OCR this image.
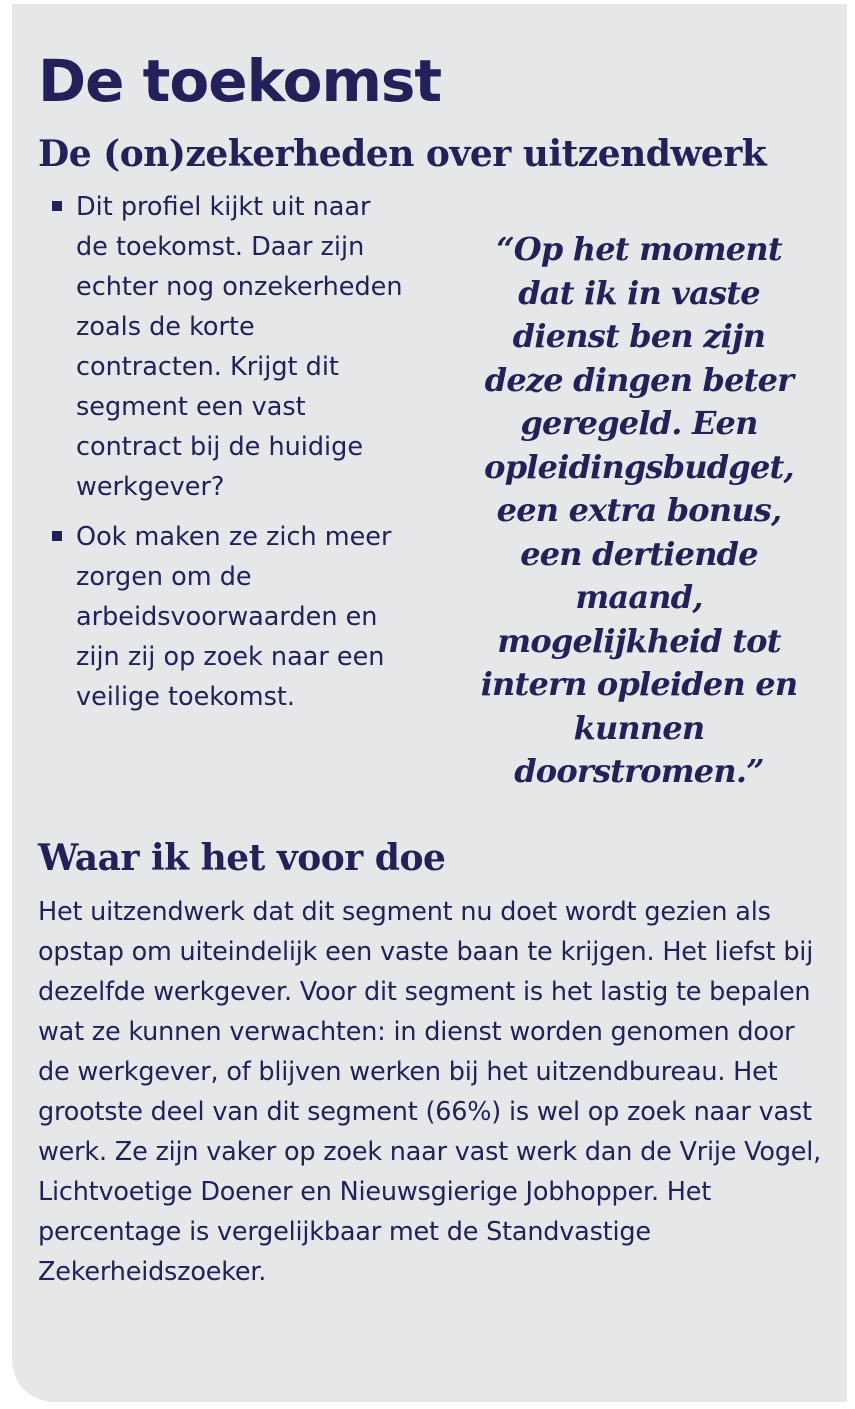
De toekomst
De (on)zekerheden over uitzendwerk
Dit profiel kijkt uit naar de toekomst. Daar zijn echter nog onzekerheden zoals de korte contracten. Krijgt dit segment een vast contract bij de huidige werkgever?
Ook maken ze zich meer zorgen om de arbeidsvoorwaarden en zijn zij op zoek naar een veilige toekomst.
“Op het moment dat ik in vaste dienst ben zijn deze dingen beter geregeld. Een opleidingsbudget, een extra bonus, een dertiende maand, mogelijkheid tot intern opleiden en kunnen doorstromen.”
Waar ik het voor doe
Het uitzendwerk dat dit segment nu doet wordt gezien als opstap om uiteindelijk een vaste baan te krijgen. Het liefst bij dezelfde werkgever. Voor dit segment is het lastig te bepalen wat ze kunnen verwachten: in dienst worden genomen door de werkgever, of blijven werken bij het uitzendbureau. Het grootste deel van dit segment (66%) is wel op zoek naar vast werk. Ze zijn vaker op zoek naar vast werk dan de Vrije Vogel, Lichtvoetige Doener en Nieuwsgierige Jobhopper. Het percentage is vergelijkbaar met de Standvastige Zekerheidszoeker.
